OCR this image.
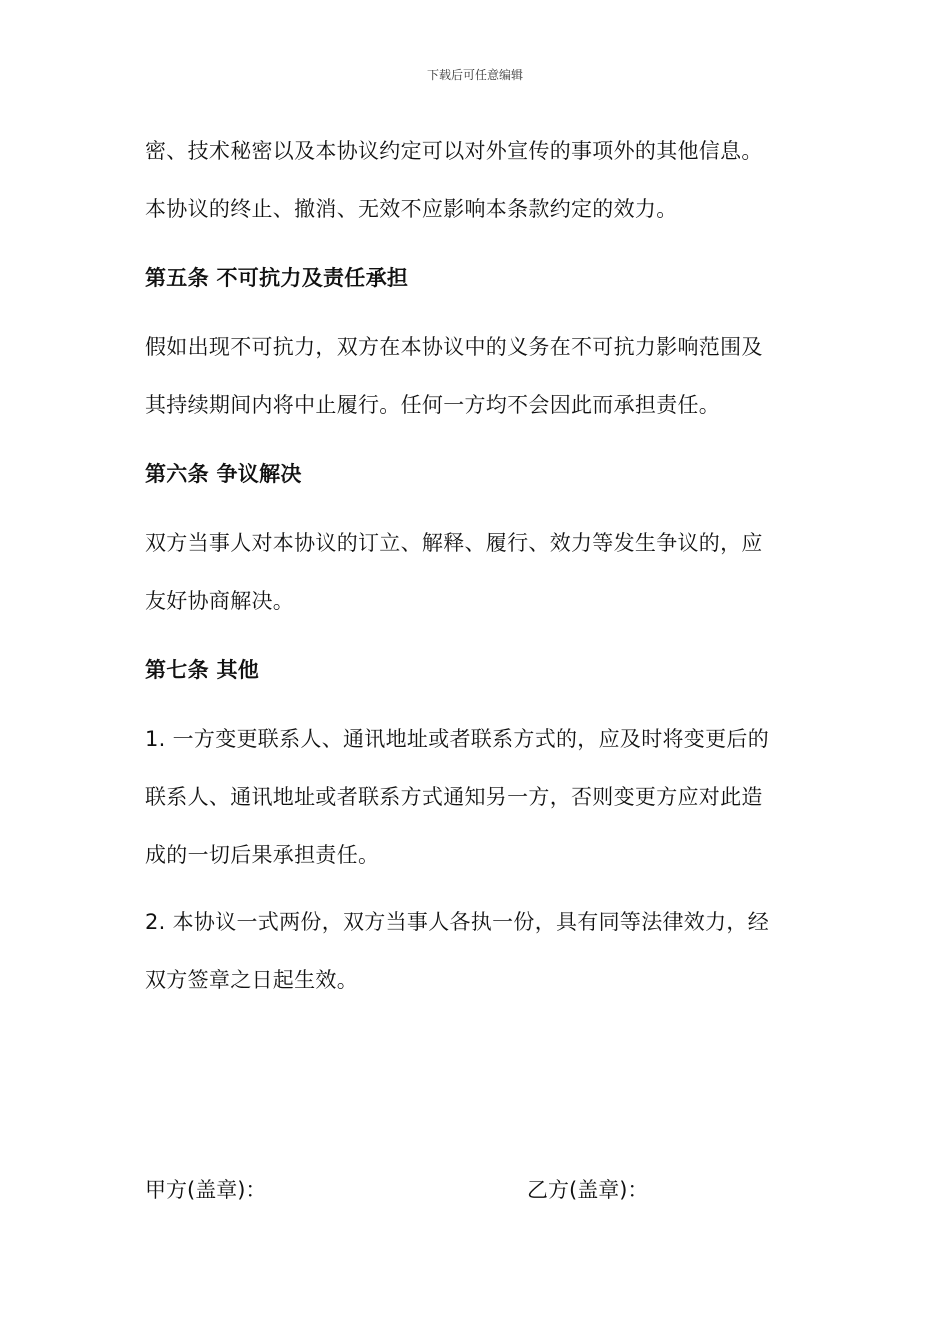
下载后可任意编辑
密、技术秘密以及本协议约定可以对外宣传的事项外的其他信息。
本协议的终止、撤消、无效不应影响本条款约定的效力。
第五条 不可抗力及责任承担
假如出现不可抗力，双方在本协议中的义务在不可抗力影响范围及
其持续期间内将中止履行。任何一方均不会因此而承担责任。
第六条 争议解决
双方当事人对本协议的订立、解释、履行、效力等发生争议的，应
友好协商解决。
第七条 其他
1. 一方变更联系人、通讯地址或者联系方式的，应及时将变更后的
联系人、通讯地址或者联系方式通知另一方，否则变更方应对此造
成的一切后果承担责任。
2. 本协议一式两份，双方当事人各执一份，具有同等法律效力，经
双方签章之日起生效。
甲方(盖章)：	乙方(盖章)：
